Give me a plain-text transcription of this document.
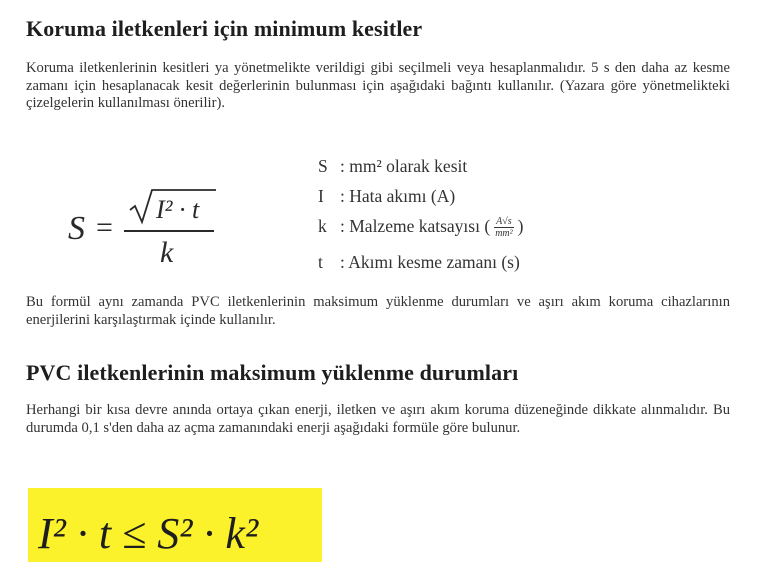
Koruma iletkenleri için minimum kesitler

Koruma iletkenlerinin kesitleri ya yönetmelikte verildigi gibi seçilmeli veya hesaplanmalıdır. 5 s den daha az kesme zamanı için hesaplanacak kesit değerlerinin bulunması için aşağıdaki bağıntı kullanılır. (Yazara göre yönetmelikteki çizelgelerin kullanılması önerilir).

S =
I² · t
k
S : mm² olarak kesit
I : Hata akımı (A)
k : Malzeme katsayısı ( $\frac{A√s}{\text{mm²}}$ )
t : Akımı kesme zamanı (s)

Bu formül aynı zamanda PVC iletkenlerinin maksimum yüklenme durumları ve aşırı akım koruma cihazlarının enerjilerini karşılaştırmak içinde kullanılır.

PVC iletkenlerinin maksimum yüklenme durumları

Herhangi bir kısa devre anında ortaya çıkan enerji, iletken ve aşırı akım koruma düzeneğinde dikkate alınmalıdır. Bu durumda 0,1 s'den daha az açma zamanındaki enerji aşağıdaki formüle göre bulunur.

I² · t ≤ S² · k²
